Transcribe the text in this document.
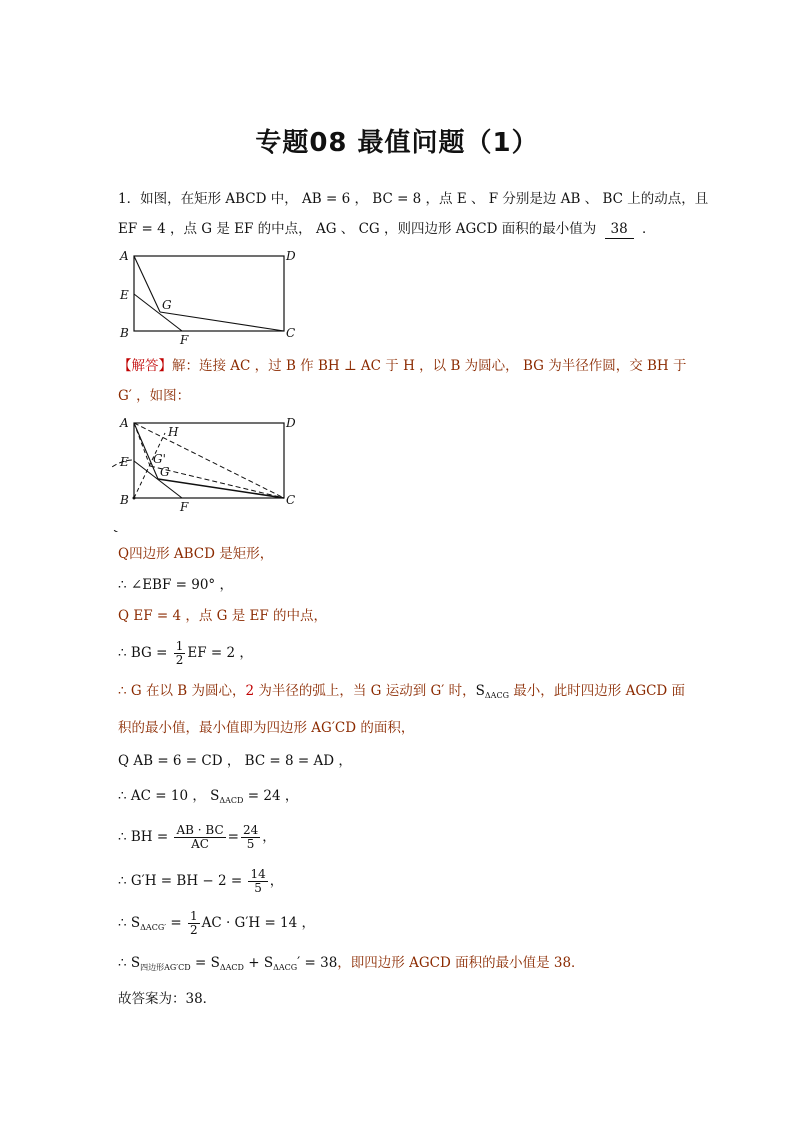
专题08 最值问题（1）
1．如图，在矩形 ABCD 中， AB = 6 ， BC = 8 ，点 E 、 F 分别是边 AB 、 BC 上的动点，且
EF = 4 ，点 G 是 EF 的中点， AG 、 CG ，则四边形 AGCD 面积的最小值为 38 ．
A	D
E
G
B	F	C
【解答】解：连接 AC ，过 B 作 BH ⊥ AC 于 H ，以 B 为圆心， BG 为半径作圆，交 BH 于
G′ ，如图：
A	D
H
E G'
G
B	F	C
Q四边形 ABCD 是矩形，
∴ ∠EBF = 90° ，
Q EF = 4 ，点 G 是 EF 的中点，
∴ BG = $\frac{1}{2}$ EF = 2 ，
∴ G 在以 B 为圆心，2 为半径的弧上，当 G 运动到 G′ 时，$S_{\Delta ACG}$ 最小，此时四边形 AGCD 面
积的最小值，最小值即为四边形 AG′CD 的面积，
Q AB = 6 = CD ， BC = 8 = AD ，
∴ AC = 10 ， $S_{\Delta ACD} = 24$ ，
∴ BH = $\frac{AB \cdot BC}{AC} = \frac{24}{5}$ ，
∴ G′H = BH − $2 = \frac{14}{5}$ ，
∴ $S_{\Delta ACG'} = \frac{1}{2}$ AC · G′H = 14 ，
∴ $S_{四边形AG'CD} = S_{\Delta ACD} + S_{\Delta ACG}' = 38$，即四边形 AGCD 面积的最小值是 38．
故答案为：38．
